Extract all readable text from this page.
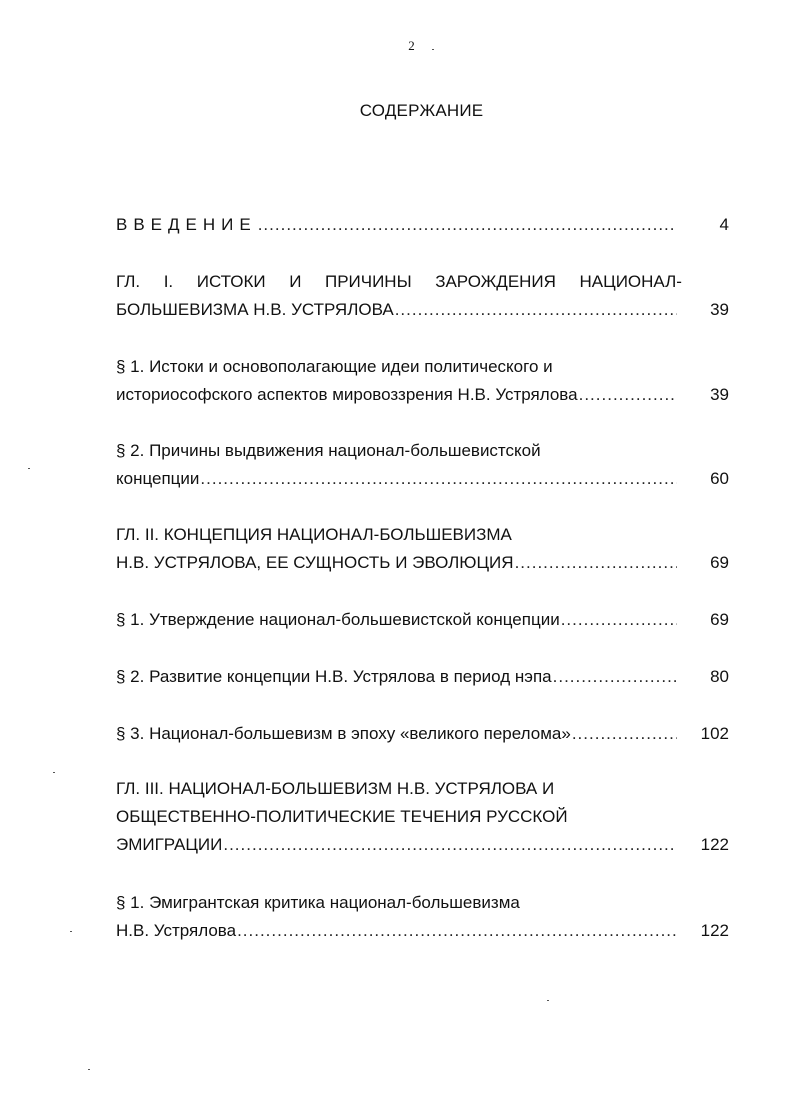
2
СОДЕРЖАНИЕ
ВВЕДЕНИЕ .....	4
ГЛ. I. ИСТОКИ И ПРИЧИНЫ ЗАРОЖДЕНИЯ НАЦИОНАЛ-
БОЛЬШЕВИЗМА Н.В. УСТРЯЛОВА .....	39
§ 1. Истоки и основополагающие идеи политического и
историософского аспектов мировоззрения Н.В. Устрялова .....	39
§ 2. Причины выдвижения национал-большевистской
концепции .....	60
ГЛ. II. КОНЦЕПЦИЯ НАЦИОНАЛ-БОЛЬШЕВИЗМА
Н.В. УСТРЯЛОВА, ЕЕ СУЩНОСТЬ И ЭВОЛЮЦИЯ .....	69
§ 1. Утверждение национал-большевистской концепции .....	69
§ 2. Развитие концепции Н.В. Устрялова в период нэпа .....	80
§ 3. Национал-большевизм в эпоху «великого перелома» .....	102
ГЛ. III. НАЦИОНАЛ-БОЛЬШЕВИЗМ Н.В. УСТРЯЛОВА И
ОБЩЕСТВЕННО-ПОЛИТИЧЕСКИЕ ТЕЧЕНИЯ РУССКОЙ
ЭМИГРАЦИИ .....	122
§ 1. Эмигрантская критика национал-большевизма
Н.В. Устрялова .....	122
